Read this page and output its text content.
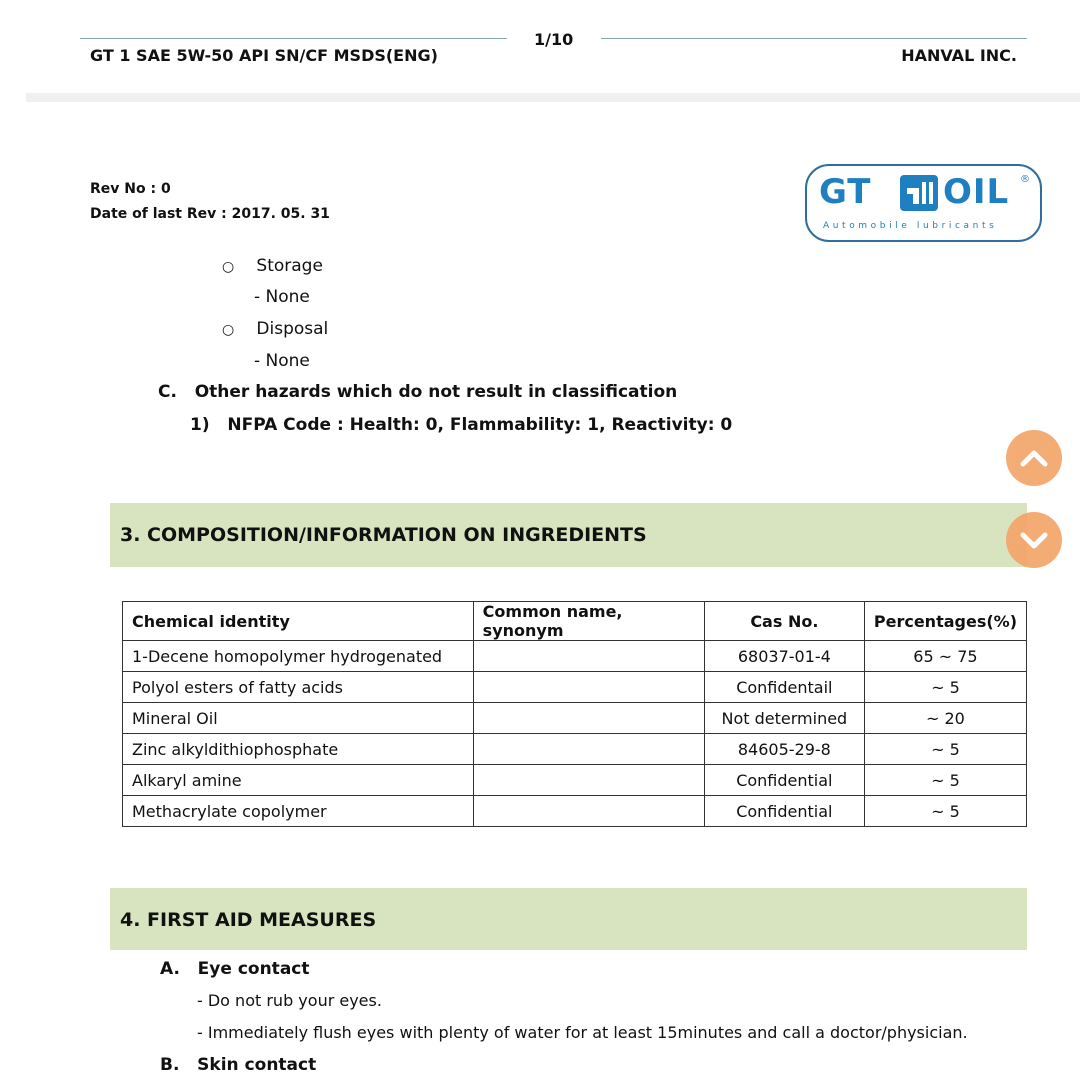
1/10
GT 1 SAE 5W-50 API SN/CF MSDS(ENG)	HANVAL INC.
Rev No : 0
Date of last Rev : 2017. 05. 31
®
GT OIL
Automobile lubricants
○ Storage
- None
○ Disposal
- None
C.   Other hazards which do not result in classification
1)   NFPA Code : Health: 0, Flammability: 1, Reactivity: 0
3. COMPOSITION/INFORMATION ON INGREDIENTS
Chemical identity	Common name, synonym	Cas No.	Percentages(%)
1-Decene homopolymer hydrogenated		68037-01-4	65 ~ 75
Polyol esters of fatty acids		Confidentail	~ 5
Mineral Oil		Not determined	~ 20
Zinc alkyldithiophosphate		84605-29-8	~ 5
Alkaryl amine		Confidential	~ 5
Methacrylate copolymer		Confidential	~ 5
4. FIRST AID MEASURES
A.   Eye contact
- Do not rub your eyes.
- Immediately flush eyes with plenty of water for at least 15minutes and call a doctor/physician.
B.   Skin contact
